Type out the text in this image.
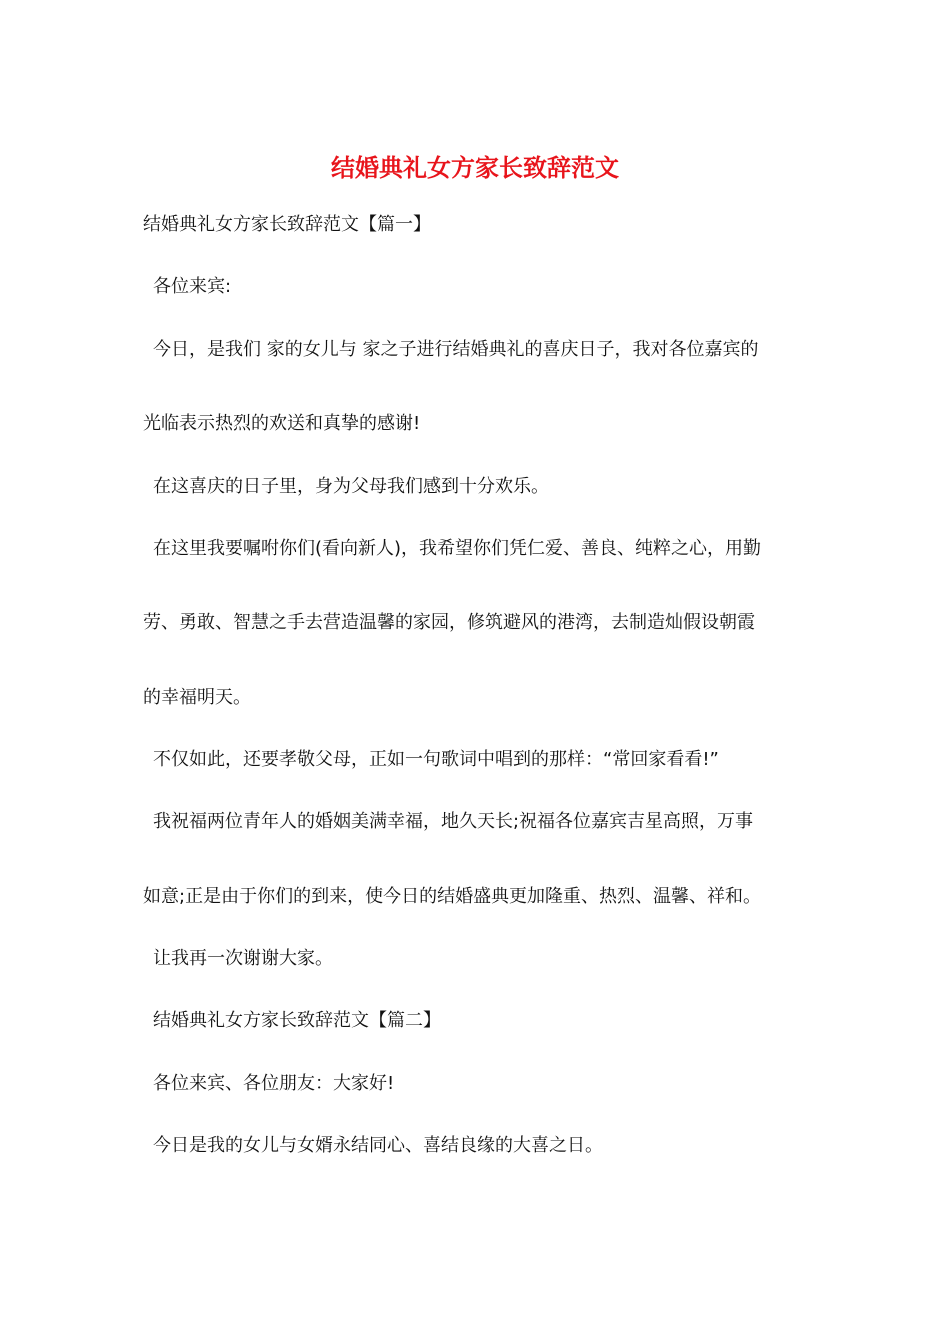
结婚典礼女方家长致辞范文
结婚典礼女方家长致辞范文【篇一】
各位来宾:
今日，是我们 家的女儿与 家之子进行结婚典礼的喜庆日子，我对各位嘉宾的
光临表示热烈的欢送和真挚的感谢!
在这喜庆的日子里，身为父母我们感到十分欢乐。
在这里我要嘱咐你们(看向新人)，我希望你们凭仁爱、善良、纯粹之心，用勤
劳、勇敢、智慧之手去营造温馨的家园，修筑避风的港湾，去制造灿假设朝霞
的幸福明天。
不仅如此，还要孝敬父母，正如一句歌词中唱到的那样：“常回家看看!”
我祝福两位青年人的婚姻美满幸福，地久天长;祝福各位嘉宾吉星高照，万事
如意;正是由于你们的到来，使今日的结婚盛典更加隆重、热烈、温馨、祥和。
让我再一次谢谢大家。
结婚典礼女方家长致辞范文【篇二】
各位来宾、各位朋友：大家好!
今日是我的女儿与女婿永结同心、喜结良缘的大喜之日。
